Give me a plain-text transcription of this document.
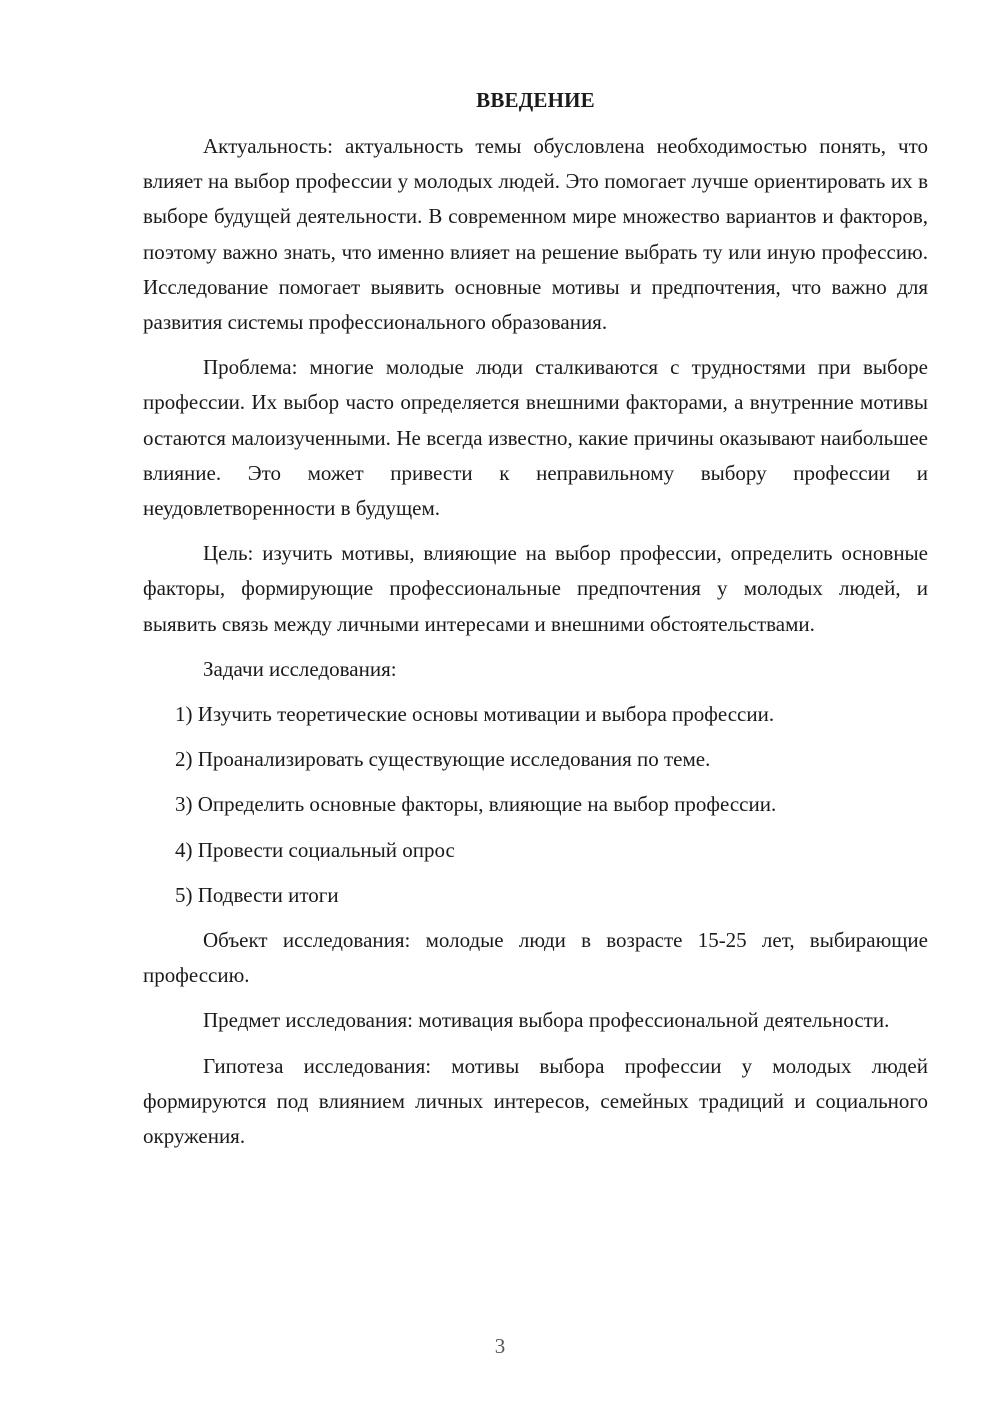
ВВЕДЕНИЕ

Актуальность: актуальность темы обусловлена необходимостью понять, что влияет на выбор профессии у молодых людей. Это помогает лучше ориентировать их в выборе будущей деятельности. В современном мире множество вариантов и факторов, поэтому важно знать, что именно влияет на решение выбрать ту или иную профессию. Исследование помогает выявить основные мотивы и предпочтения, что важно для развития системы профессионального образования.

Проблема: многие молодые люди сталкиваются с трудностями при выборе профессии. Их выбор часто определяется внешними факторами, а внутренние мотивы остаются малоизученными. Не всегда известно, какие причины оказывают наибольшее влияние. Это может привести к неправильному выбору профессии и неудовлетворенности в будущем.

Цель: изучить мотивы, влияющие на выбор профессии, определить основные факторы, формирующие профессиональные предпочтения у молодых людей, и выявить связь между личными интересами и внешними обстоятельствами.

Задачи исследования:

1) Изучить теоретические основы мотивации и выбора профессии.
2) Проанализировать существующие исследования по теме.
3) Определить основные факторы, влияющие на выбор профессии.
4) Провести социальный опрос
5) Подвести итоги

Объект исследования: молодые люди в возрасте 15-25 лет, выбирающие профессию.

Предмет исследования: мотивация выбора профессиональной деятельности.

Гипотеза исследования: мотивы выбора профессии у молодых людей формируются под влиянием личных интересов, семейных традиций и социального окружения.

3
